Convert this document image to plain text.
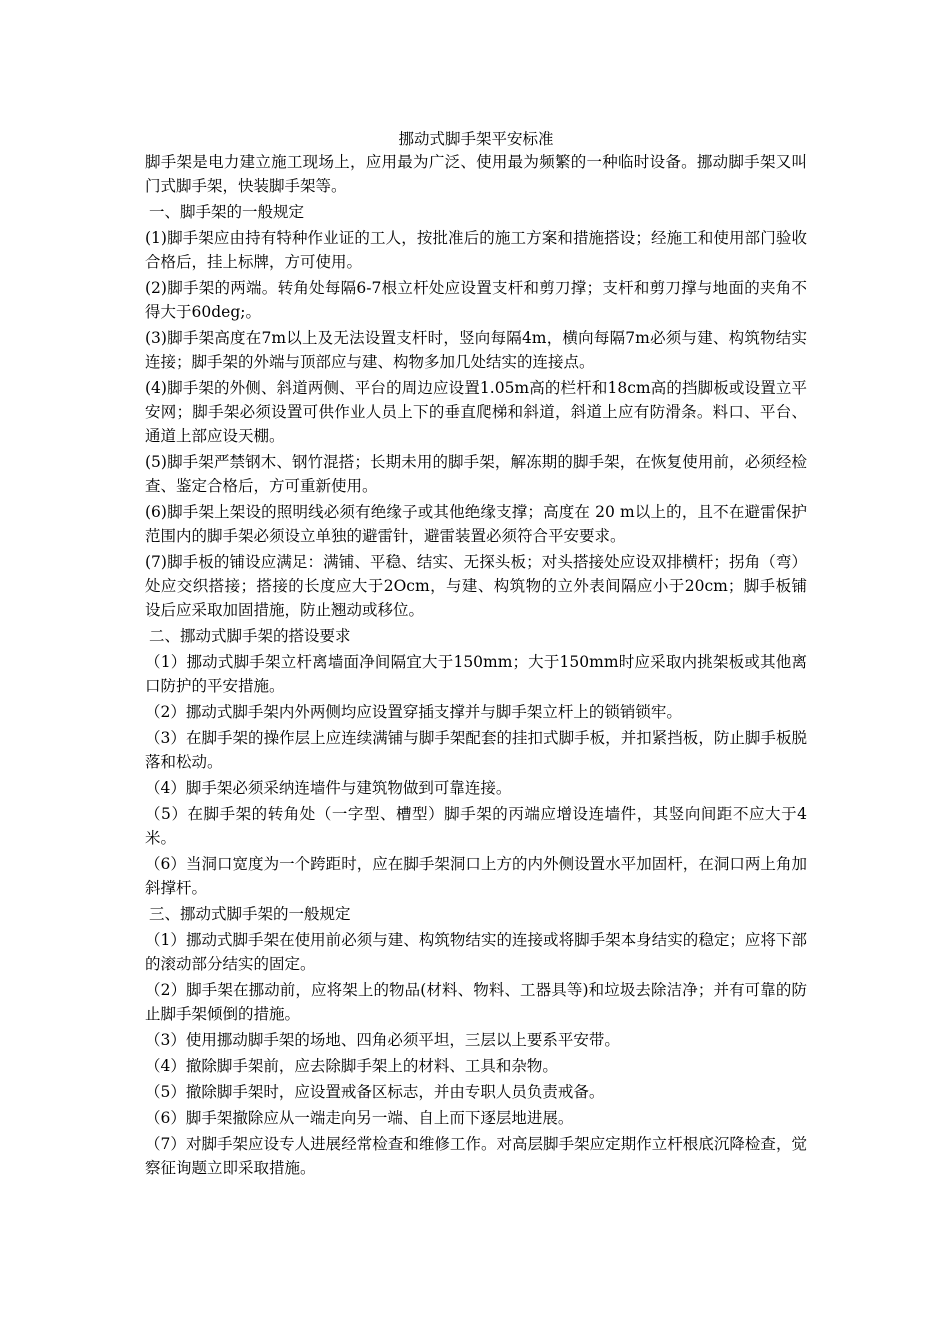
挪动式脚手架平安标准

脚手架是电力建立施工现场上，应用最为广泛、使用最为频繁的一种临时设备。挪动脚手架又叫门式脚手架，快装脚手架等。

一、脚手架的一般规定

(1)脚手架应由持有特种作业证的工人，按批准后的施工方案和措施搭设；经施工和使用部门验收合格后，挂上标牌，方可使用。

(2)脚手架的两端。转角处每隔6-7根立杆处应设置支杆和剪刀撑；支杆和剪刀撑与地面的夹角不得大于60deg;。

(3)脚手架高度在7m以上及无法设置支杆时，竖向每隔4m，横向每隔7m必须与建、构筑物结实连接；脚手架的外端与顶部应与建、构物多加几处结实的连接点。

(4)脚手架的外侧、斜道两侧、平台的周边应设置1.05m高的栏杆和18cm高的挡脚板或设置立平安网；脚手架必须设置可供作业人员上下的垂直爬梯和斜道，斜道上应有防滑条。料口、平台、通道上部应设天棚。

(5)脚手架严禁钢木、钢竹混搭；长期未用的脚手架，解冻期的脚手架，在恢复使用前，必须经检查、鉴定合格后，方可重新使用。

(6)脚手架上架设的照明线必须有绝缘子或其他绝缘支撑；高度在 20 m以上的，且不在避雷保护范围内的脚手架必须设立单独的避雷针，避雷装置必须符合平安要求。

(7)脚手板的铺设应满足：满铺、平稳、结实、无探头板；对头搭接处应设双排横杆；拐角（弯）处应交织搭接；搭接的长度应大于2Ocm，与建、构筑物的立外表间隔应小于20cm；脚手板铺设后应采取加固措施，防止翘动或移位。

二、挪动式脚手架的搭设要求

（1）挪动式脚手架立杆离墙面净间隔宜大于150mm；大于150mm时应采取内挑架板或其他离口防护的平安措施。

（2）挪动式脚手架内外两侧均应设置穿插支撑并与脚手架立杆上的锁销锁牢。

（3）在脚手架的操作层上应连续满铺与脚手架配套的挂扣式脚手板，并扣紧挡板，防止脚手板脱落和松动。

（4）脚手架必须采纳连墙件与建筑物做到可靠连接。

（5）在脚手架的转角处（一字型、槽型）脚手架的丙端应增设连墙件，其竖向间距不应大于4米。

（6）当洞口宽度为一个跨距时，应在脚手架洞口上方的内外侧设置水平加固杆，在洞口两上角加斜撑杆。

三、挪动式脚手架的一般规定

（1）挪动式脚手架在使用前必须与建、构筑物结实的连接或将脚手架本身结实的稳定；应将下部的滚动部分结实的固定。

（2）脚手架在挪动前，应将架上的物品(材料、物料、工器具等)和垃圾去除洁净；并有可靠的防止脚手架倾倒的措施。

（3）使用挪动脚手架的场地、四角必须平坦，三层以上要系平安带。

（4）撤除脚手架前，应去除脚手架上的材料、工具和杂物。

（5）撤除脚手架时，应设置戒备区标志，并由专职人员负责戒备。

（6）脚手架撤除应从一端走向另一端、自上而下逐层地进展。

（7）对脚手架应设专人进展经常检查和维修工作。对高层脚手架应定期作立杆根底沉降检查，觉察征询题立即采取措施。
